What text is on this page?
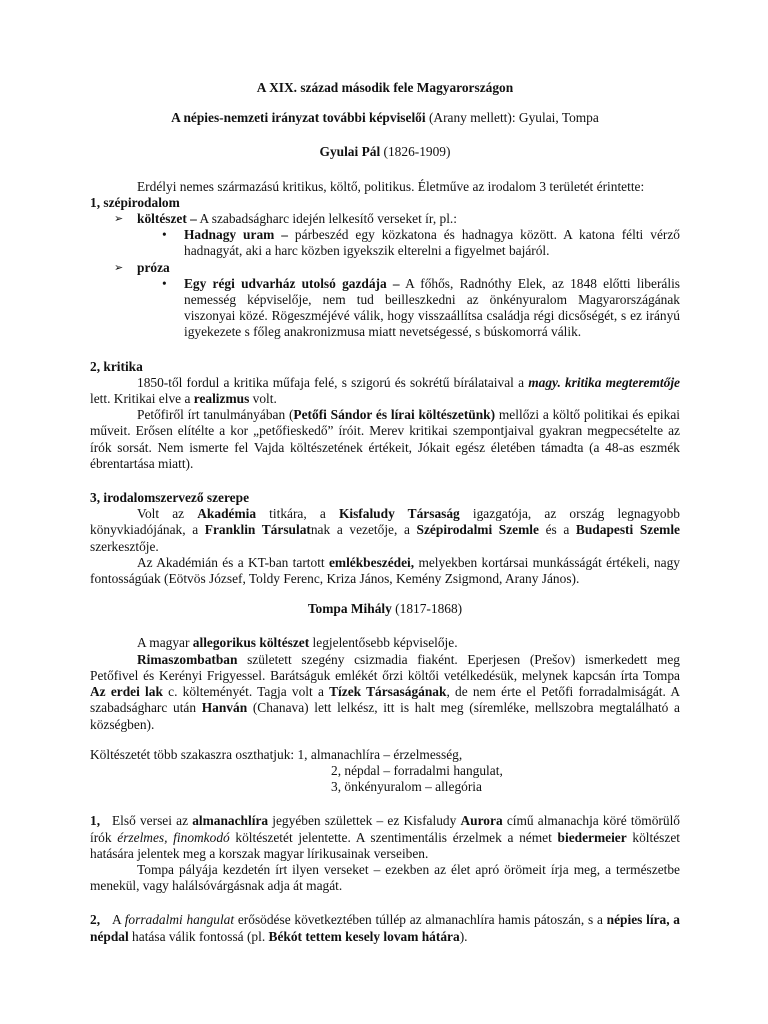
A XIX. század második fele Magyarországon

A népies-nemzeti irányzat további képviselői (Arany mellett): Gyulai, Tompa

Gyulai Pál (1826-1909)

Erdélyi nemes származású kritikus, költő, politikus. Életműve az irodalom 3 területét érintette:

1, szépirodalom

➢ költészet – A szabadságharc idején lelkesítő verseket ír, pl.:
• Hadnagy uram – párbeszéd egy közkatona és hadnagya között. A katona félti vérző hadnagyát, aki a harc közben igyekszik elterelni a figyelmet bajáról.
➢ próza
• Egy régi udvarház utolsó gazdája – A főhős, Radnóthy Elek, az 1848 előtti liberális nemesség képviselője, nem tud beilleszkedni az önkényuralom Magyarországának viszonyai közé. Rögeszméjévé válik, hogy visszaállítsa családja régi dicsőségét, s ez irányú igyekezete s főleg anakronizmusa miatt nevetségessé, s búskomorrá válik.

2, kritika

1850-től fordul a kritika műfaja felé, s szigorú és sokrétű bírálataival a magy. kritika megteremtője lett. Kritikai elve a realizmus volt.

Petőfiről írt tanulmányában (Petőfi Sándor és lírai költészetünk) mellőzi a költő politikai és epikai műveit. Erősen elítélte a kor „petőfieskedő” íróit. Merev kritikai szempontjaival gyakran megpecsételte az írók sorsát. Nem ismerte fel Vajda költészetének értékeit, Jókait egész életében támadta (a 48-as eszmék ébrentartása miatt).

3, irodalomszervező szerepe

Volt az Akadémia titkára, a Kisfaludy Társaság igazgatója, az ország legnagyobb könyvkiadójának, a Franklin Társulatnak a vezetője, a Szépirodalmi Szemle és a Budapesti Szemle szerkesztője.

Az Akadémián és a KT-ban tartott emlékbeszédei, melyekben kortársai munkásságát értékeli, nagy fontosságúak (Eötvös József, Toldy Ferenc, Kriza János, Kemény Zsigmond, Arany János).

Tompa Mihály (1817-1868)

A magyar allegorikus költészet legjelentősebb képviselője.

Rimaszombatban született szegény csizmadia fiaként. Eperjesen (Prešov) ismerkedett meg Petőfivel és Kerényi Frigyessel. Barátságuk emlékét őrzi költői vetélkedésük, melynek kapcsán írta Tompa Az erdei lak c. költeményét. Tagja volt a Tízek Társaságának, de nem érte el Petőfi forradalmiságát. A szabadságharc után Hanván (Chanava) lett lelkész, itt is halt meg (síremléke, mellszobra megtalálható a községben).

Költészetét több szakaszra oszthatjuk: 1, almanachlíra – érzelmesség,

2, népdal – forradalmi hangulat,

3, önkényuralom – allegória

1, Első versei az almanachlíra jegyében születtek – ez Kisfaludy Aurora című almanachja köré tömörülő írók érzelmes, finomkodó költészetét jelentette. A szentimentális érzelmek a német biedermeier költészet hatására jelentek meg a korszak magyar lírikusainak verseiben.

Tompa pályája kezdetén írt ilyen verseket – ezekben az élet apró örömeit írja meg, a természetbe menekül, vagy halálsóvárgásnak adja át magát.

2, A forradalmi hangulat erősödése következtében túllép az almanachlíra hamis pátoszán, s a népies líra, a népdal hatása válik fontossá (pl. Békót tettem kesely lovam hátára).
